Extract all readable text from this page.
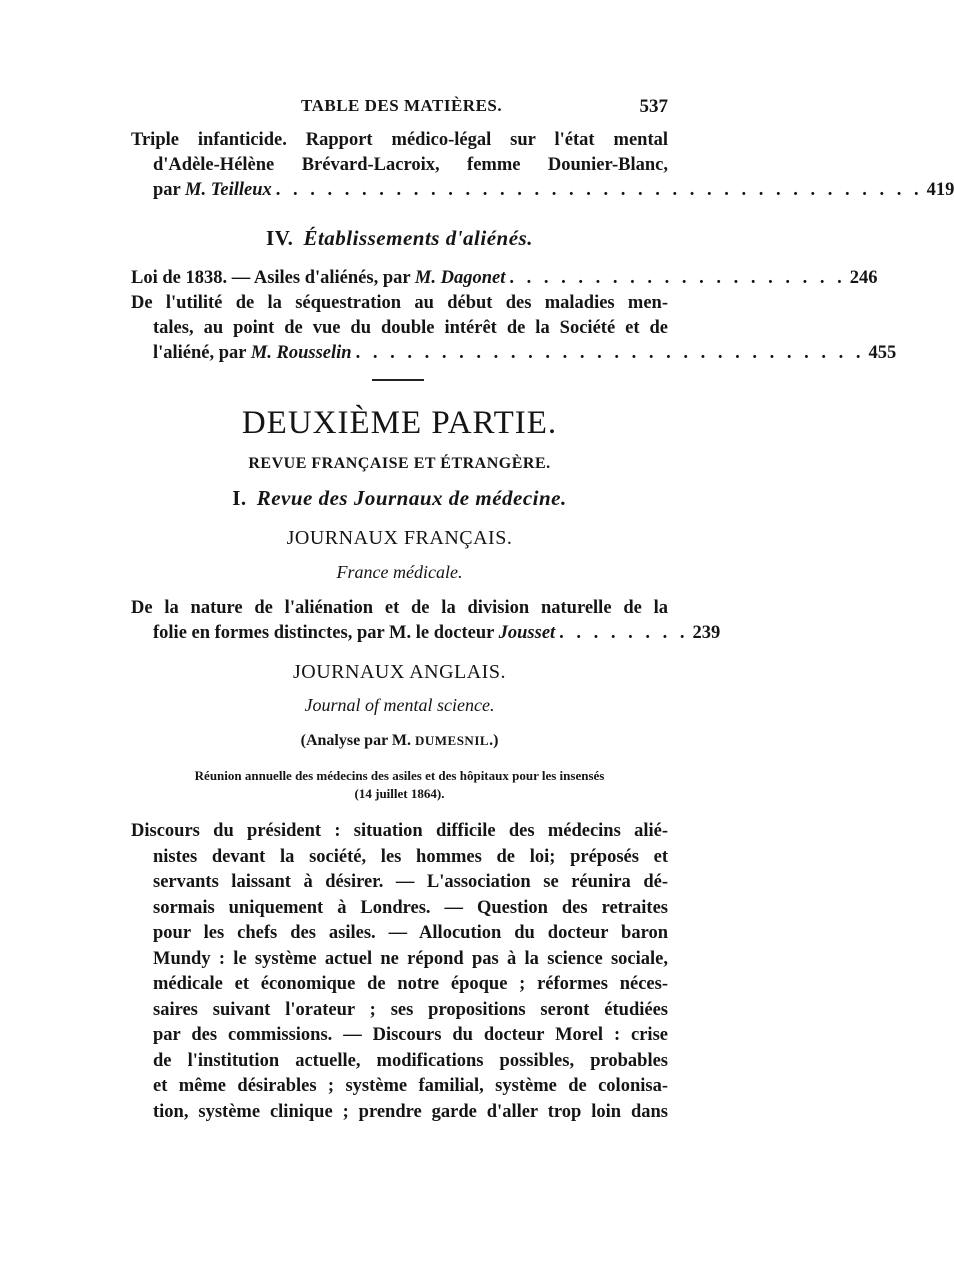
TABLE DES MATIÈRES.	537
Triple infanticide. Rapport médico-légal sur l'état mental
d'Adèle-Hélène Brévard-Lacroix, femme Dounier-Blanc,
par M. Teilleux . . . . . . . . . . . . . . . . . . . . . . . . . . . . . . . . . . . . . . 419
IV. Établissements d'aliénés.
Loi de 1838. — Asiles d'aliénés, par M. Dagonet . . . . . . . . . . . . . . . . . . . . 246
De l'utilité de la séquestration au début des maladies men-
tales, au point de vue du double intérêt de la Société et de
l'aliéné, par M. Rousselin . . . . . . . . . . . . . . . . . . . . . . . . . . . . . . 455
DEUXIÈME PARTIE.
REVUE FRANÇAISE ET ÉTRANGÈRE.
I. Revue des Journaux de médecine.
JOURNAUX FRANÇAIS.
France médicale.
De la nature de l'aliénation et de la division naturelle de la
folie en formes distinctes, par M. le docteur Jousset . . . . . . . . 239
JOURNAUX ANGLAIS.
Journal of mental science.
(Analyse par M. DUMESNIL.)
Réunion annuelle des médecins des asiles et des hôpitaux pour les insensés
(14 juillet 1864).
Discours du président : situation difficile des médecins alié-
nistes devant la société, les hommes de loi; préposés et
servants laissant à désirer. — L'association se réunira dé-
sormais uniquement à Londres. — Question des retraites
pour les chefs des asiles. — Allocution du docteur baron
Mundy : le système actuel ne répond pas à la science sociale,
médicale et économique de notre époque ; réformes néces-
saires suivant l'orateur ; ses propositions seront étudiées
par des commissions. — Discours du docteur Morel : crise
de l'institution actuelle, modifications possibles, probables
et même désirables ; système familial, système de colonisa-
tion, système clinique ; prendre garde d'aller trop loin dans
